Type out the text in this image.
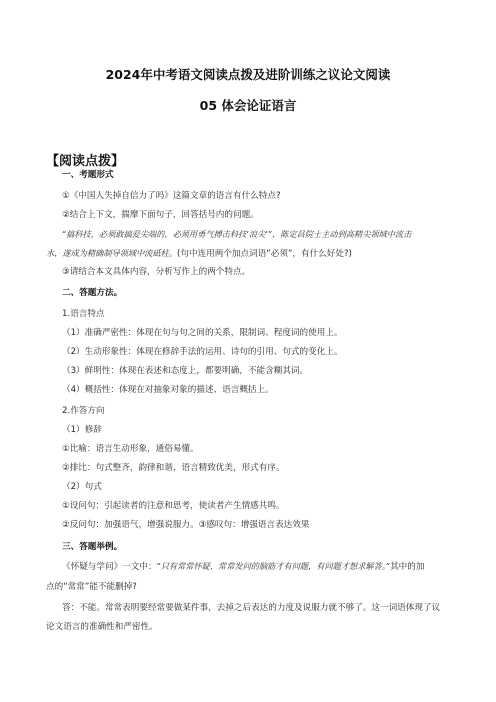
2024年中考语文阅读点拨及进阶训练之议论文阅读
05 体会论证语言
【阅读点拨】
一、考题形式
①《中国人失掉自信力了吗》这篇文章的语言有什么特点?
②结合上下文，揣摩下面句子，回答括号内的问题。
“搞科技，必须敢搞爱尖端的，必须用勇气搏击科技‘浪尖’”，陈定昌院士主动到高精尖领域中流击
水，遂成为精确制导领域中流砥柱。(句中连用两个加点词语“必须”，有什么好处?)
③请结合本文具体内容，分析写作上的两个特点。
二、答题方法。
1.语言特点
（1）准确严密性：体现在句与句之间的关系，限制词、程度词的使用上。
（2）生动形象性：体现在修辞手法的运用、诗句的引用、句式的变化上。
（3）鲜明性：体现在表述和态度上，都要明确，不能含糊其词。
（4）概括性：体现在对抽象对象的描述、语言概括上。
2.作答方向
（1）修辞
①比喻：语言生动形象，通俗易懂。
②排比：句式整齐，韵律和谐，语言精致优美，形式有序。
（2）句式
①设问句：引起读者的注意和思考，使读者产生情感共鸣。
②反问句：加强语气，增强说服力。③感叹句：增强语言表达效果
三、答题举例。
《怀疑与学问》一文中：“只有常常怀疑、常常发问的脑筋才有问题，有问题才想求解答。”其中的加
点的“常常”能不能删掉?
答：不能。常常表明要经常要做某件事，去掉之后表达的力度及说服力就不够了。这一词语体现了议
论文语言的准确性和严密性。
